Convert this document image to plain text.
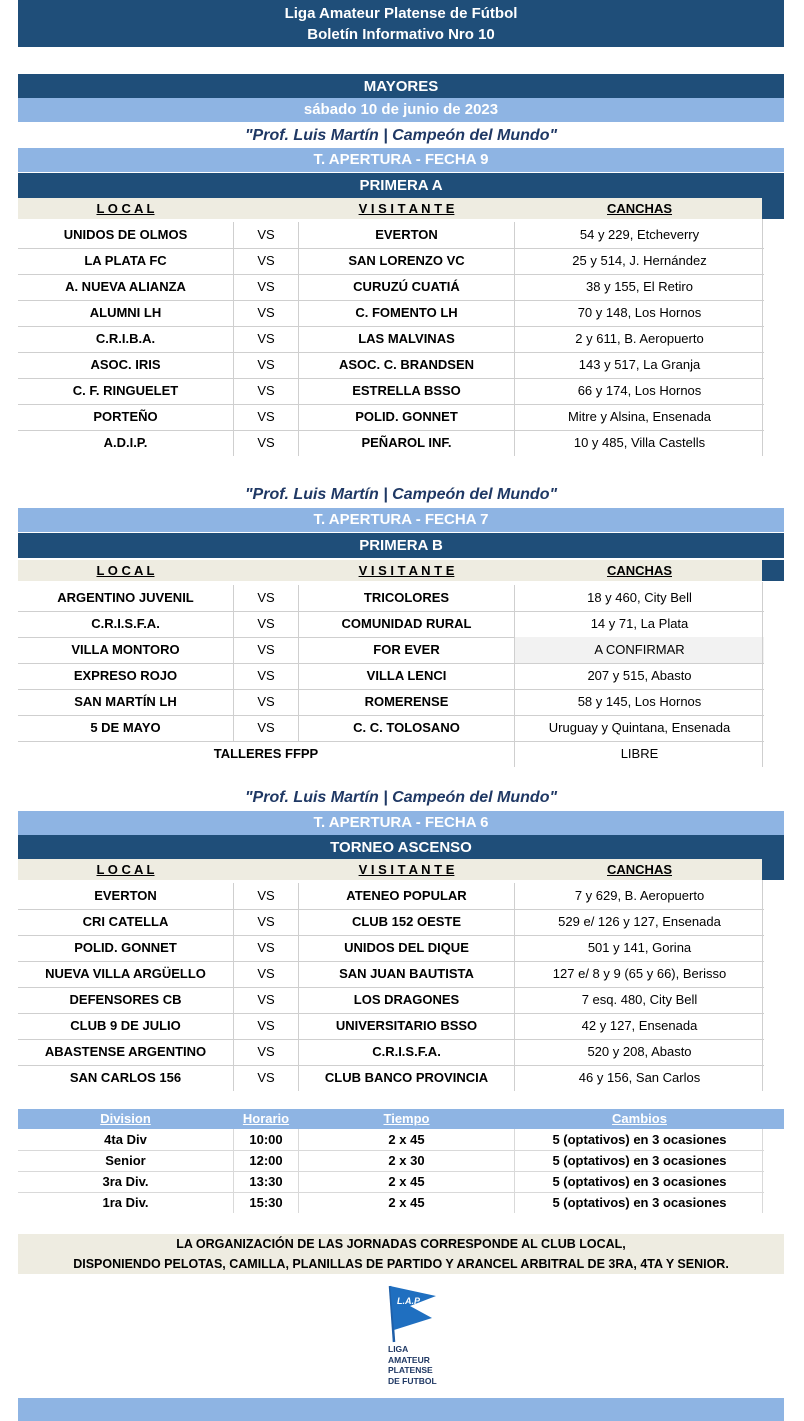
Liga Amateur Platense de Fútbol
Boletín Informativo Nro 10
MAYORES
sábado 10 de junio de 2023
"Prof. Luis Martín | Campeón del Mundo"
T. APERTURA - FECHA 9
PRIMERA A
L O C A L	V I S I T A N T E	CANCHAS
UNIDOS DE OLMOS	VS	EVERTON	54 y 229, Etcheverry
LA PLATA FC	VS	SAN LORENZO VC	25 y 514, J. Hernández
A. NUEVA ALIANZA	VS	CURUZÚ CUATIÁ	38 y 155, El Retiro
ALUMNI LH	VS	C. FOMENTO LH	70 y 148, Los Hornos
C.R.I.B.A.	VS	LAS MALVINAS	2 y 611, B. Aeropuerto
ASOC. IRIS	VS	ASOC. C. BRANDSEN	143 y 517, La Granja
C. F. RINGUELET	VS	ESTRELLA BSSO	66 y 174, Los Hornos
PORTEÑO	VS	POLID. GONNET	Mitre y Alsina, Ensenada
A.D.I.P.	VS	PEÑAROL INF.	10 y 485, Villa Castells
"Prof. Luis Martín | Campeón del Mundo"
T. APERTURA - FECHA 7
PRIMERA B
L O C A L	V I S I T A N T E	CANCHAS
ARGENTINO JUVENIL	VS	TRICOLORES	18 y 460, City Bell
C.R.I.S.F.A.	VS	COMUNIDAD RURAL	14 y 71, La Plata
VILLA MONTORO	VS	FOR EVER	A CONFIRMAR
EXPRESO ROJO	VS	VILLA LENCI	207 y 515, Abasto
SAN MARTÍN LH	VS	ROMERENSE	58 y 145, Los Hornos
5 DE MAYO	VS	C. C. TOLOSANO	Uruguay y Quintana, Ensenada
TALLERES FFPP	LIBRE
"Prof. Luis Martín | Campeón del Mundo"
T. APERTURA - FECHA 6
TORNEO ASCENSO
L O C A L	V I S I T A N T E	CANCHAS
EVERTON	VS	ATENEO POPULAR	7 y 629, B. Aeropuerto
CRI CATELLA	VS	CLUB 152 OESTE	529 e/ 126 y 127, Ensenada
POLID. GONNET	VS	UNIDOS DEL DIQUE	501 y 141, Gorina
NUEVA VILLA ARGÜELLO	VS	SAN JUAN BAUTISTA	127 e/ 8 y 9 (65 y 66), Berisso
DEFENSORES CB	VS	LOS DRAGONES	7 esq. 480, City Bell
CLUB 9 DE JULIO	VS	UNIVERSITARIO BSSO	42 y 127, Ensenada
ABASTENSE ARGENTINO	VS	C.R.I.S.F.A.	520 y 208, Abasto
SAN CARLOS 156	VS	CLUB BANCO PROVINCIA	46 y 156, San Carlos
Division	Horario	Tiempo	Cambios
4ta Div	10:00	2 x 45	5 (optativos) en 3 ocasiones
Senior	12:00	2 x 30	5 (optativos) en 3 ocasiones
3ra Div.	13:30	2 x 45	5 (optativos) en 3 ocasiones
1ra Div.	15:30	2 x 45	5 (optativos) en 3 ocasiones
LA ORGANIZACIÓN DE LAS JORNADAS CORRESPONDE AL CLUB LOCAL,
DISPONIENDO PELOTAS, CAMILLA, PLANILLAS DE PARTIDO Y ARANCEL ARBITRAL DE 3RA, 4TA Y SENIOR.
L.A.P.
LIGA
AMATEUR
PLATENSE
DE FUTBOL
